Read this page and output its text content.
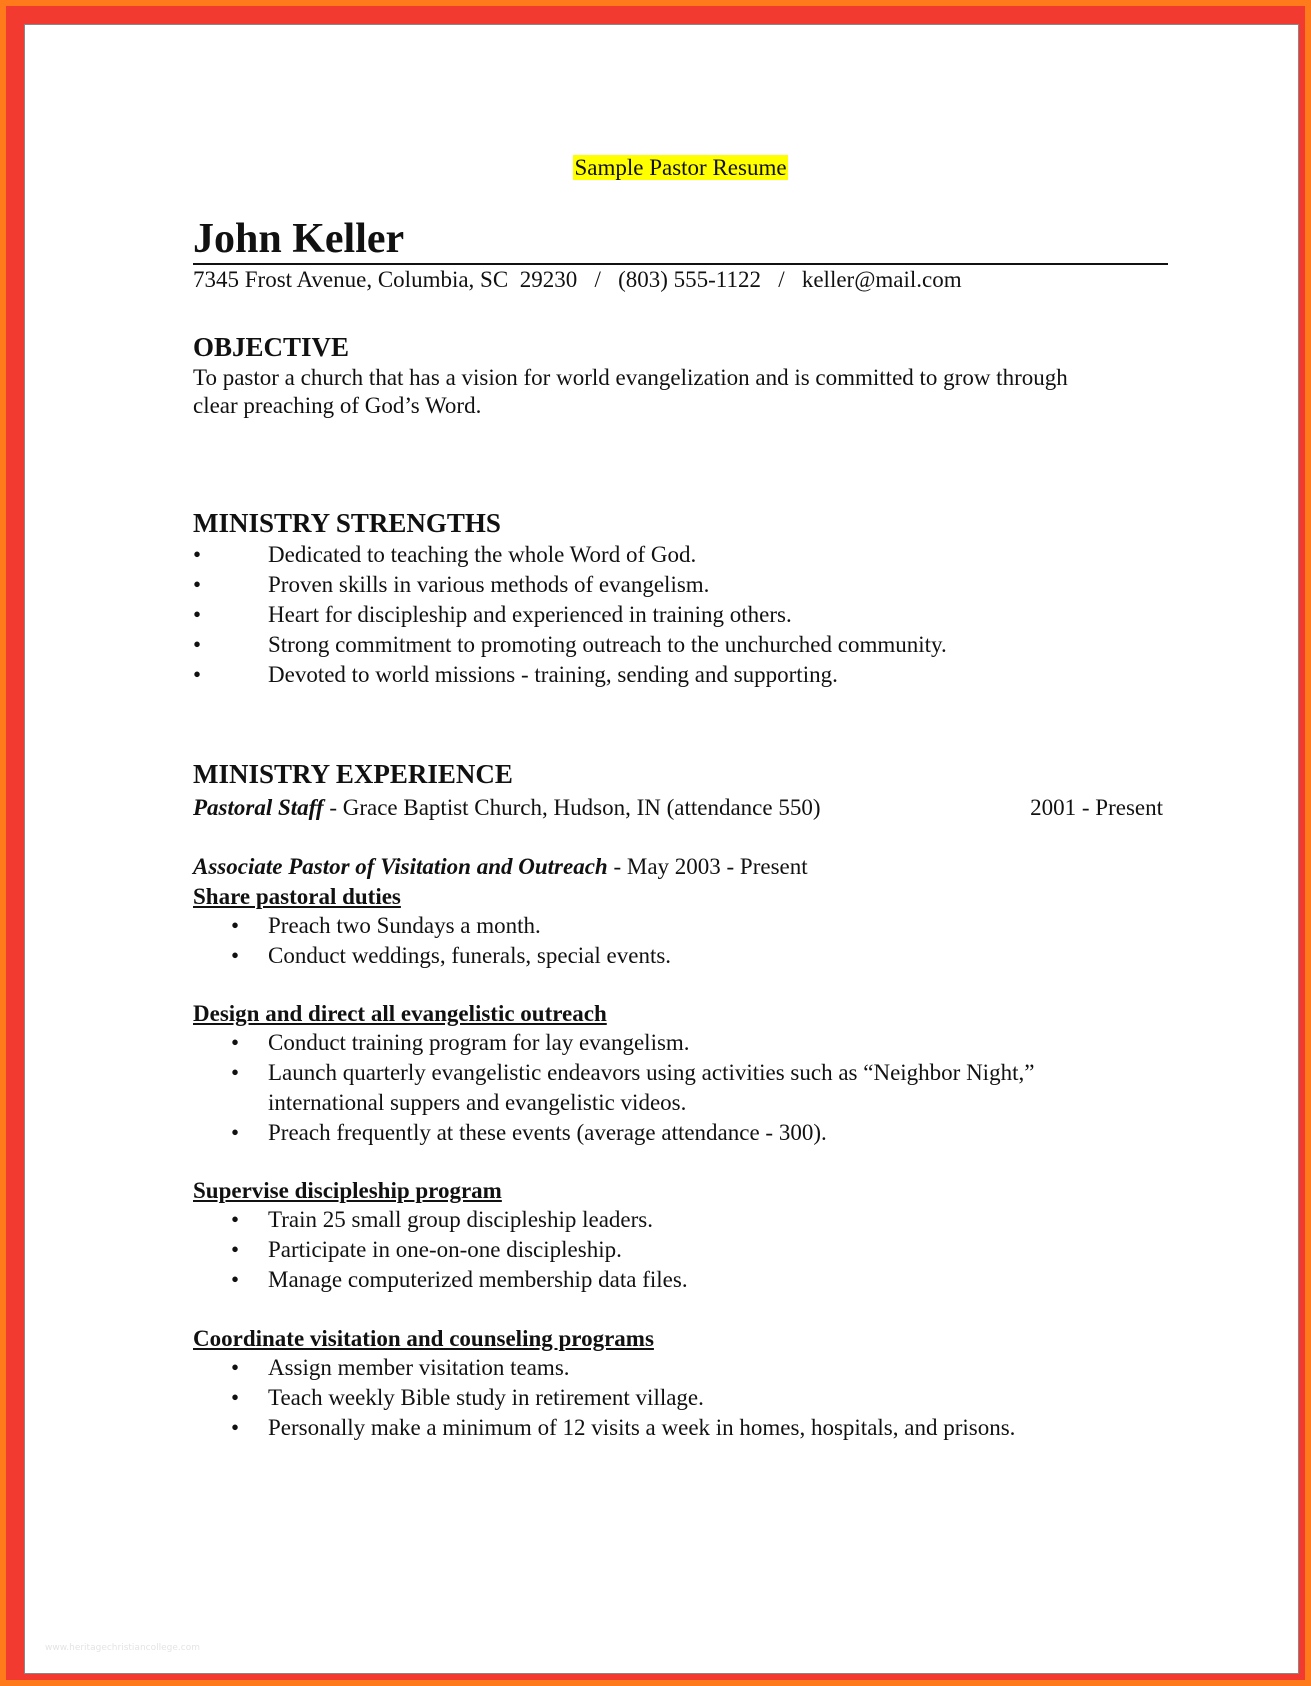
Sample Pastor Resume
John Keller
7345 Frost Avenue, Columbia, SC  29230   /   (803) 555-1122   /   keller@mail.com
OBJECTIVE
To pastor a church that has a vision for world evangelization and is committed to grow through
clear preaching of God’s Word.
MINISTRY STRENGTHS
•	Dedicated to teaching the whole Word of God.
•	Proven skills in various methods of evangelism.
•	Heart for discipleship and experienced in training others.
•	Strong commitment to promoting outreach to the unchurched community.
•	Devoted to world missions - training, sending and supporting.
MINISTRY EXPERIENCE
Pastoral Staff - Grace Baptist Church, Hudson, IN (attendance 550)	2001 - Present
Associate Pastor of Visitation and Outreach - May 2003 - Present
Share pastoral duties
• Preach two Sundays a month.
• Conduct weddings, funerals, special events.
Design and direct all evangelistic outreach
• Conduct training program for lay evangelism.
• Launch quarterly evangelistic endeavors using activities such as “Neighbor Night,”
international suppers and evangelistic videos.
• Preach frequently at these events (average attendance - 300).
Supervise discipleship program
• Train 25 small group discipleship leaders.
• Participate in one-on-one discipleship.
• Manage computerized membership data files.
Coordinate visitation and counseling programs
• Assign member visitation teams.
• Teach weekly Bible study in retirement village.
• Personally make a minimum of 12 visits a week in homes, hospitals, and prisons.
www.heritagechristiancollege.com
